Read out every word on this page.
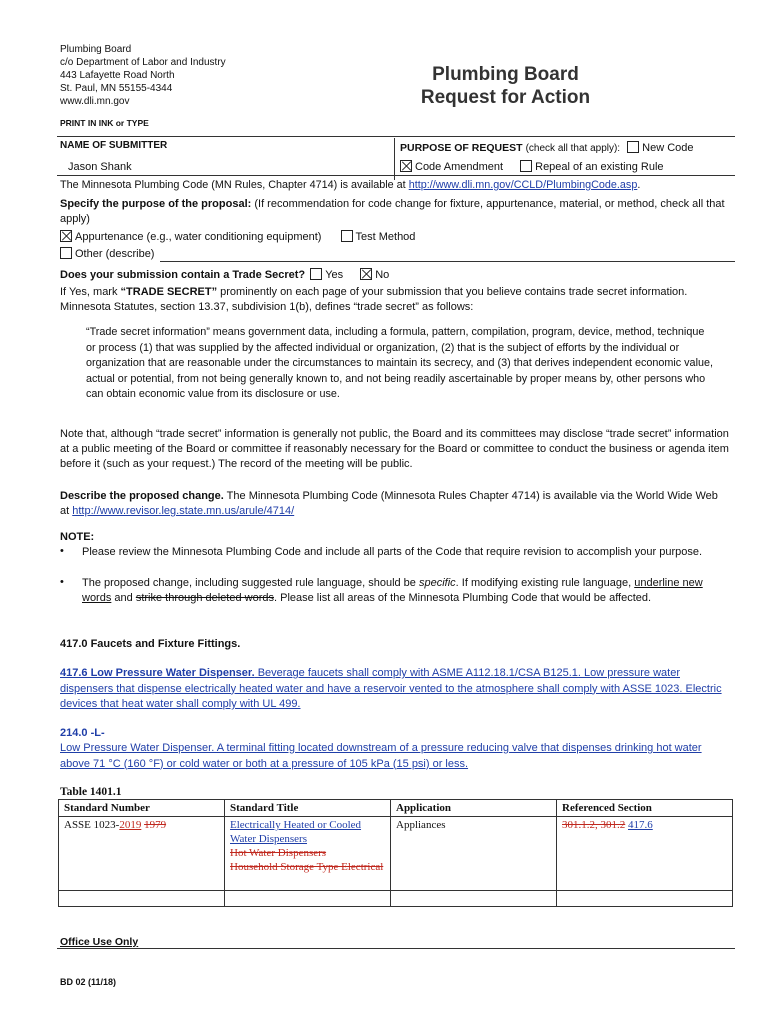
Plumbing Board
c/o Department of Labor and Industry
443 Lafayette Road North
St. Paul, MN 55155-4344
www.dli.mn.gov
Plumbing Board
Request for Action
PRINT IN INK or TYPE
NAME OF SUBMITTER
Jason Shank
PURPOSE OF REQUEST (check all that apply): New Code
Code Amendment	Repeal of an existing Rule
The Minnesota Plumbing Code (MN Rules, Chapter 4714) is available at http://www.dli.mn.gov/CCLD/PlumbingCode.asp.
Specify the purpose of the proposal: (If recommendation for code change for fixture, appurtenance, material, or method, check all that apply)
Appurtenance (e.g., water conditioning equipment)	Test Method
Other (describe)
Does your submission contain a Trade Secret? Yes	No
If Yes, mark “TRADE SECRET” prominently on each page of your submission that you believe contains trade secret information. Minnesota Statutes, section 13.37, subdivision 1(b), defines “trade secret” as follows:
“Trade secret information” means government data, including a formula, pattern, compilation, program, device, method, technique or process (1) that was supplied by the affected individual or organization, (2) that is the subject of efforts by the individual or organization that are reasonable under the circumstances to maintain its secrecy, and (3) that derives independent economic value, actual or potential, from not being generally known to, and not being readily ascertainable by proper means by, other persons who can obtain economic value from its disclosure or use.
Note that, although “trade secret” information is generally not public, the Board and its committees may disclose “trade secret” information at a public meeting of the Board or committee if reasonably necessary for the Board or committee to conduct the business or agenda item before it (such as your request.) The record of the meeting will be public.
Describe the proposed change. The Minnesota Plumbing Code (Minnesota Rules Chapter 4714) is available via the World Wide Web at http://www.revisor.leg.state.mn.us/arule/4714/
NOTE:
• Please review the Minnesota Plumbing Code and include all parts of the Code that require revision to accomplish your purpose.
• The proposed change, including suggested rule language, should be specific. If modifying existing rule language, underline new words and strike through deleted words. Please list all areas of the Minnesota Plumbing Code that would be affected.
417.0 Faucets and Fixture Fittings.
417.6 Low Pressure Water Dispenser. Beverage faucets shall comply with ASME A112.18.1/CSA B125.1. Low pressure water dispensers that dispense electrically heated water and have a reservoir vented to the atmosphere shall comply with ASSE 1023. Electric devices that heat water shall comply with UL 499.
214.0 -L-
Low Pressure Water Dispenser. A terminal fitting located downstream of a pressure reducing valve that dispenses drinking hot water above 71 °C (160 °F) or cold water or both at a pressure of 105 kPa (15 psi) or less.
Table 1401.1
Standard Number	Standard Title	Application	Referenced Section
ASSE 1023-2019 1979	Electrically Heated or Cooled Water Dispensers
Hot Water Dispensers
Household Storage Type Electrical	Appliances	301.1.2, 301.2 417.6

Office Use Only
BD 02 (11/18)
